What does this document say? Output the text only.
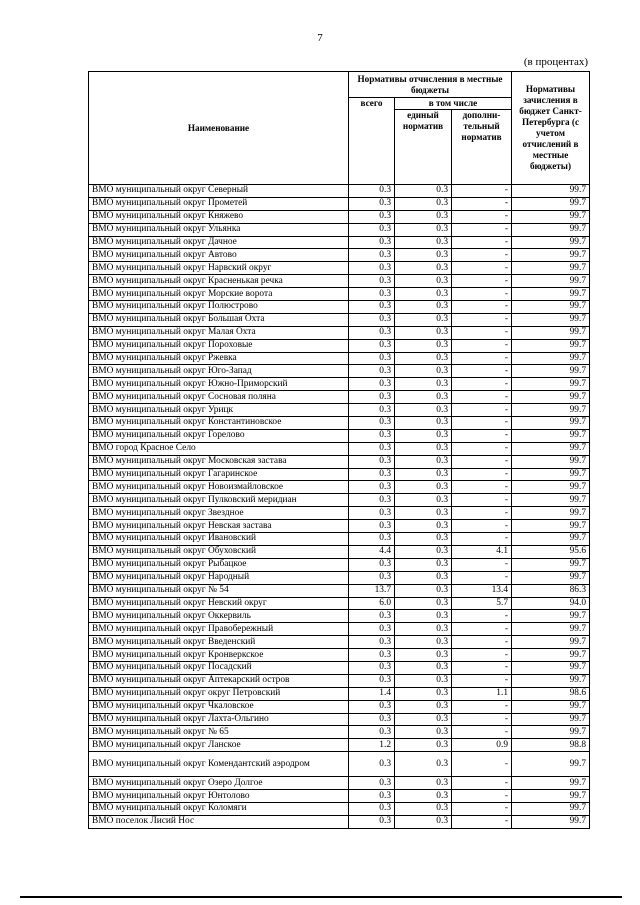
7
(в процентах)
Наименование	Нормативы отчисления в местные бюджеты			Нормативы зачисления в бюджет Санкт-Петербурга (с учетом отчислений в местные бюджеты)
	всего	в том числе		
		единый норматив	дополни-тельный норматив	
ВМО муниципальный округ Северный	0.3	0.3	-	99.7
ВМО муниципальный округ Прометей	0.3	0.3	-	99.7
ВМО муниципальный округ Княжево	0.3	0.3	-	99.7
ВМО муниципальный округ Ульянка	0.3	0.3	-	99.7
ВМО муниципальный округ Дачное	0.3	0.3	-	99.7
ВМО муниципальный округ Автово	0.3	0.3	-	99.7
ВМО муниципальный округ Нарвский округ	0.3	0.3	-	99.7
ВМО муниципальный округ Красненькая речка	0.3	0.3	-	99.7
ВМО муниципальный округ Морские ворота	0.3	0.3	-	99.7
ВМО муниципальный округ Полюстрово	0.3	0.3	-	99.7
ВМО муниципальный округ Большая Охта	0.3	0.3	-	99.7
ВМО муниципальный округ Малая Охта	0.3	0.3	-	99.7
ВМО муниципальный округ Пороховые	0.3	0.3	-	99.7
ВМО муниципальный округ Ржевка	0.3	0.3	-	99.7
ВМО муниципальный округ Юго-Запад	0.3	0.3	-	99.7
ВМО муниципальный округ Южно-Приморский	0.3	0.3	-	99.7
ВМО муниципальный округ Сосновая поляна	0.3	0.3	-	99.7
ВМО муниципальный округ Урицк	0.3	0.3	-	99.7
ВМО муниципальный округ Константиновское	0.3	0.3	-	99.7
ВМО муниципальный округ Горелово	0.3	0.3	-	99.7
ВМО город Красное Село	0.3	0.3	-	99.7
ВМО муниципальный округ Московская застава	0.3	0.3	-	99.7
ВМО муниципальный округ Гагаринское	0.3	0.3	-	99.7
ВМО муниципальный округ Новоизмайловское	0.3	0.3	-	99.7
ВМО муниципальный округ Пулковский меридиан	0.3	0.3	-	99.7
ВМО муниципальный округ Звездное	0.3	0.3	-	99.7
ВМО муниципальный округ Невская застава	0.3	0.3	-	99.7
ВМО муниципальный округ Ивановский	0.3	0.3	-	99.7
ВМО муниципальный округ Обуховский	4.4	0.3	4.1	95.6
ВМО муниципальный округ Рыбацкое	0.3	0.3	-	99.7
ВМО муниципальный округ Народный	0.3	0.3	-	99.7
ВМО муниципальный округ № 54	13.7	0.3	13.4	86.3
ВМО муниципальный округ Невский округ	6.0	0.3	5.7	94.0
ВМО муниципальный округ Оккервиль	0.3	0.3	-	99.7
ВМО муниципальный округ Правобережный	0.3	0.3	-	99.7
ВМО муниципальный округ Введенский	0.3	0.3	-	99.7
ВМО муниципальный округ Кронверкское	0.3	0.3	-	99.7
ВМО муниципальный округ Посадский	0.3	0.3	-	99.7
ВМО муниципальный округ Аптекарский остров	0.3	0.3	-	99.7
ВМО муниципальный округ округ Петровский	1.4	0.3	1.1	98.6
ВМО муниципальный округ Чкаловское	0.3	0.3	-	99.7
ВМО муниципальный округ Лахта-Ольгино	0.3	0.3	-	99.7
ВМО муниципальный округ № 65	0.3	0.3	-	99.7
ВМО муниципальный округ Ланское	1.2	0.3	0.9	98.8
ВМО муниципальный округ Комендантский аэродром	0.3	0.3	-	99.7
ВМО муниципальный округ Озеро Долгое	0.3	0.3	-	99.7
ВМО муниципальный округ Юнтолово	0.3	0.3	-	99.7
ВМО муниципальный округ Коломяги	0.3	0.3	-	99.7
ВМО поселок Лисий Нос	0.3	0.3	-	99.7
